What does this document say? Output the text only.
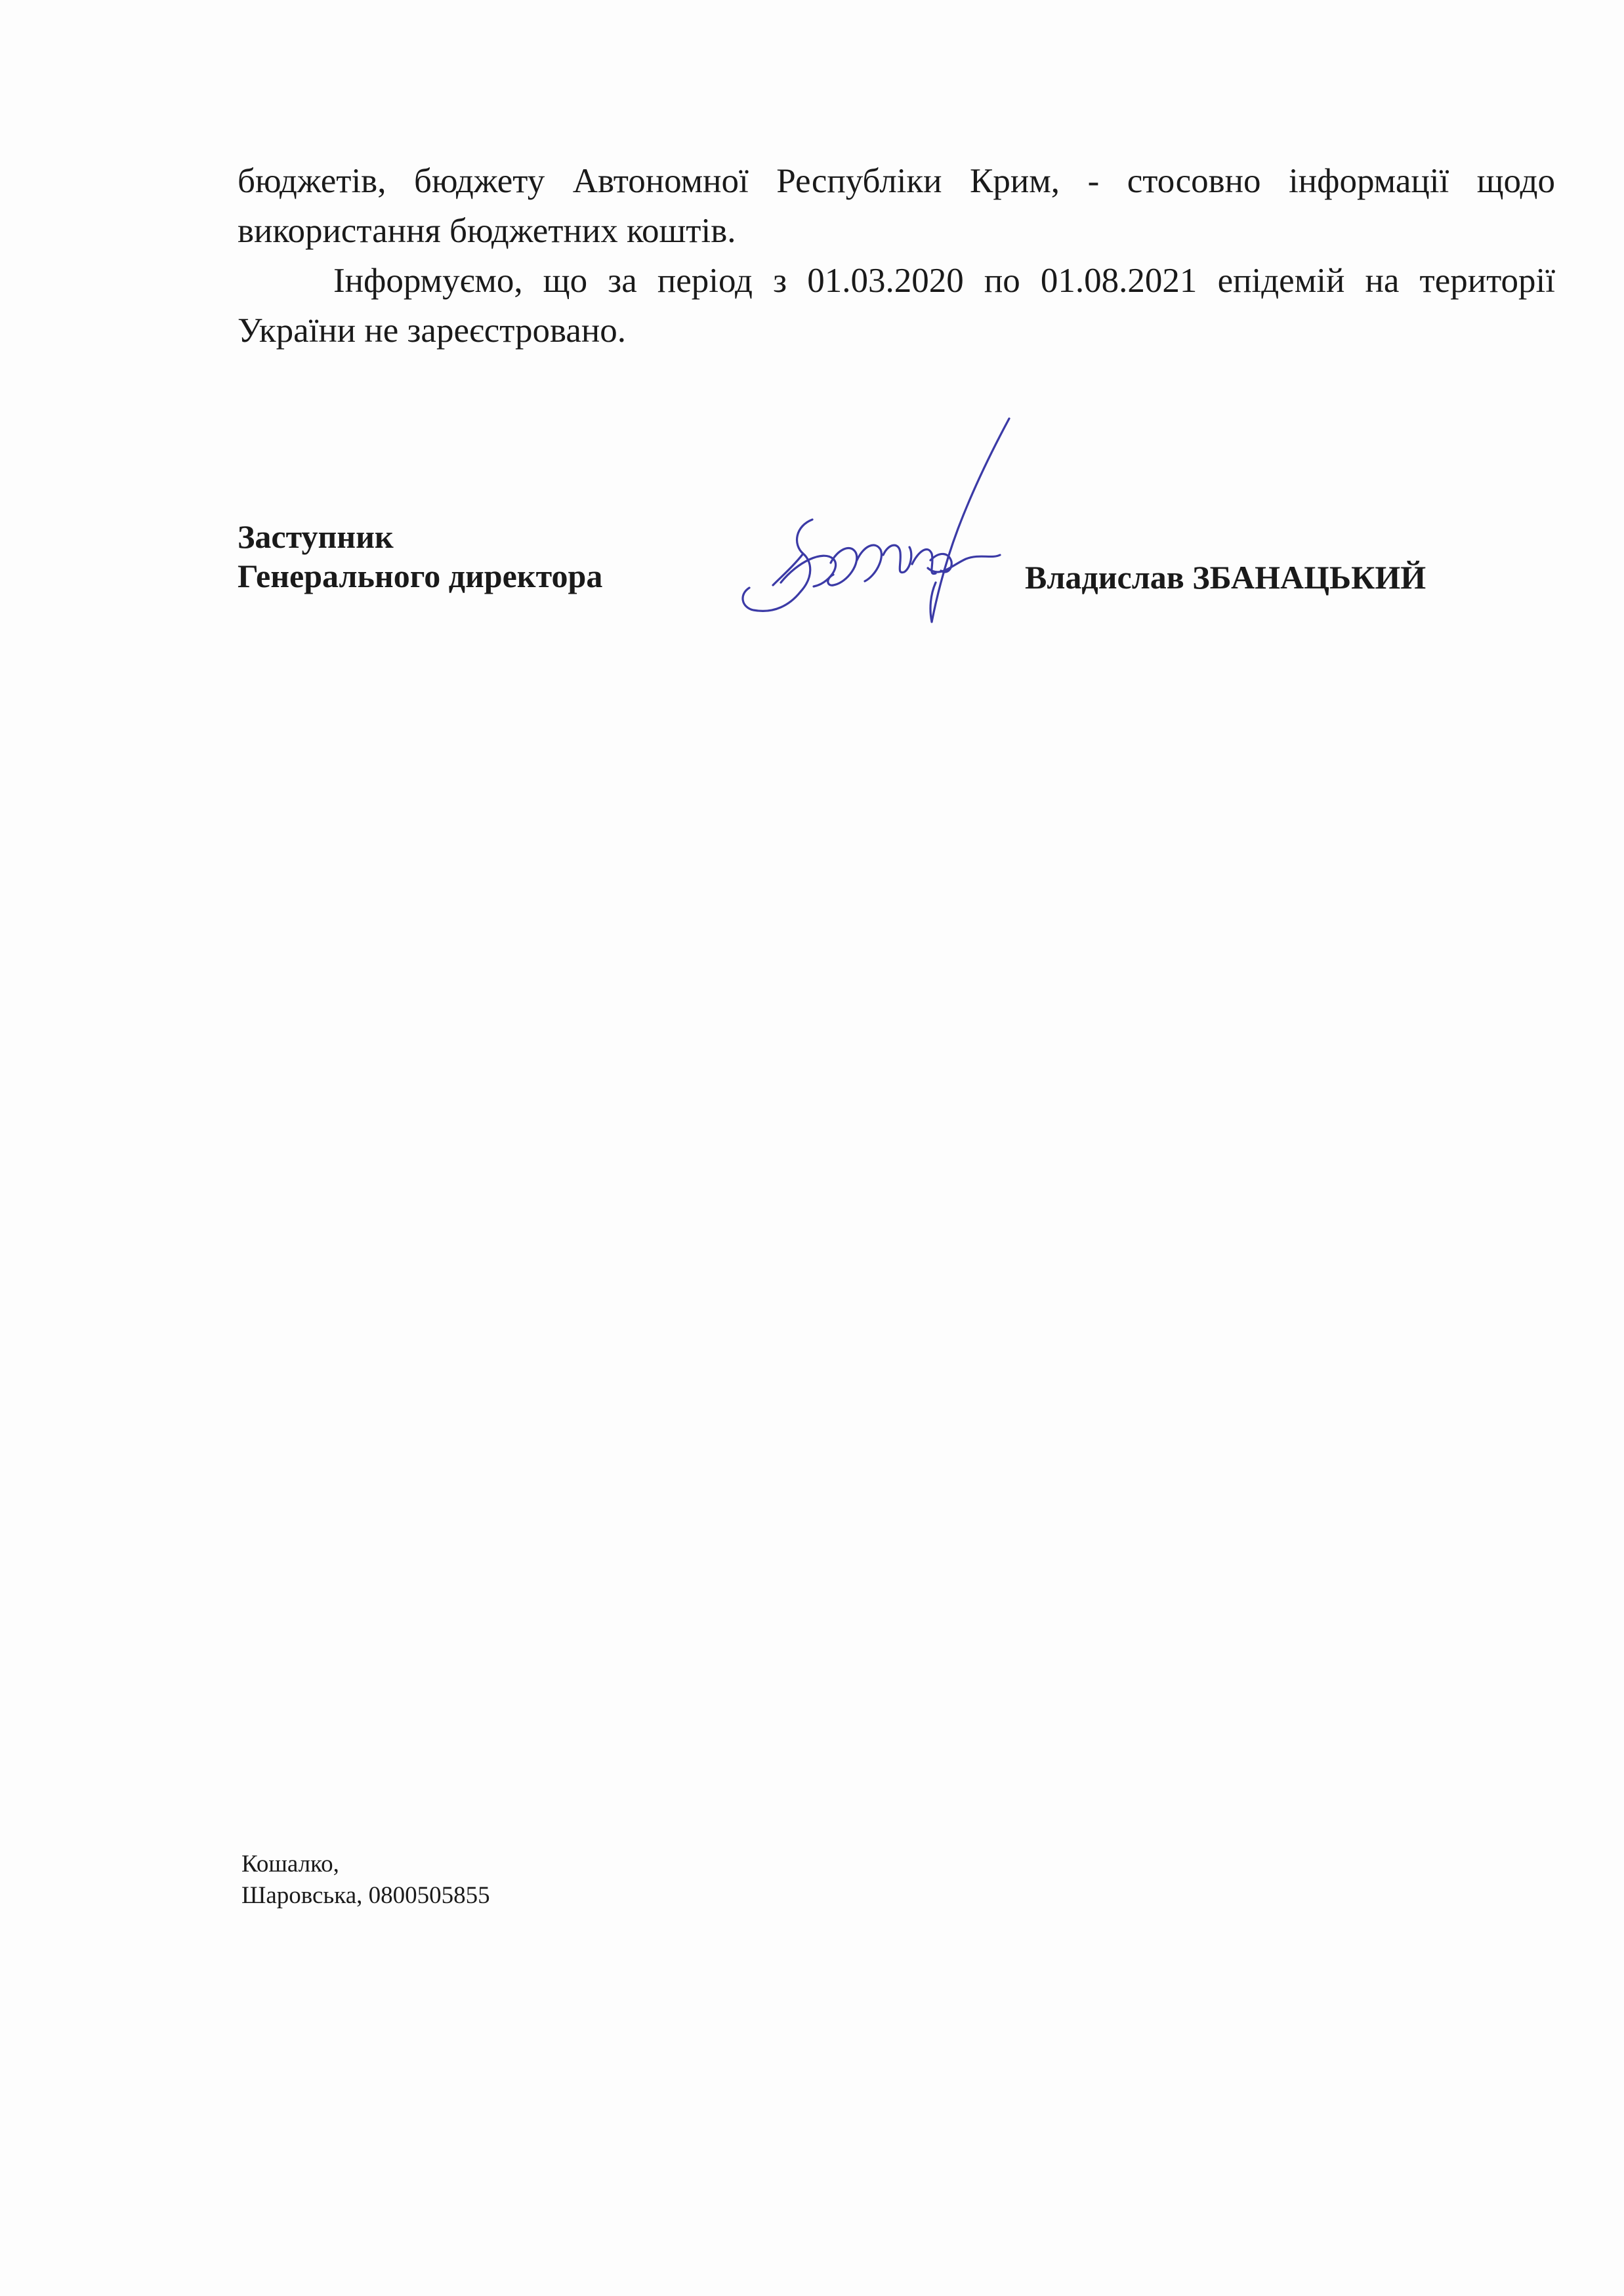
бюджетів, бюджету Автономної Республіки Крим, - стосовно інформації щодо використання бюджетних коштів.

Інформуємо, що за період з 01.03.2020 по 01.08.2021 епідемій на території України не зареєстровано.

Заступник
Генерального директора	Владислав ЗБАНАЦЬКИЙ
Кошалко,
Шаровська, 0800505855
